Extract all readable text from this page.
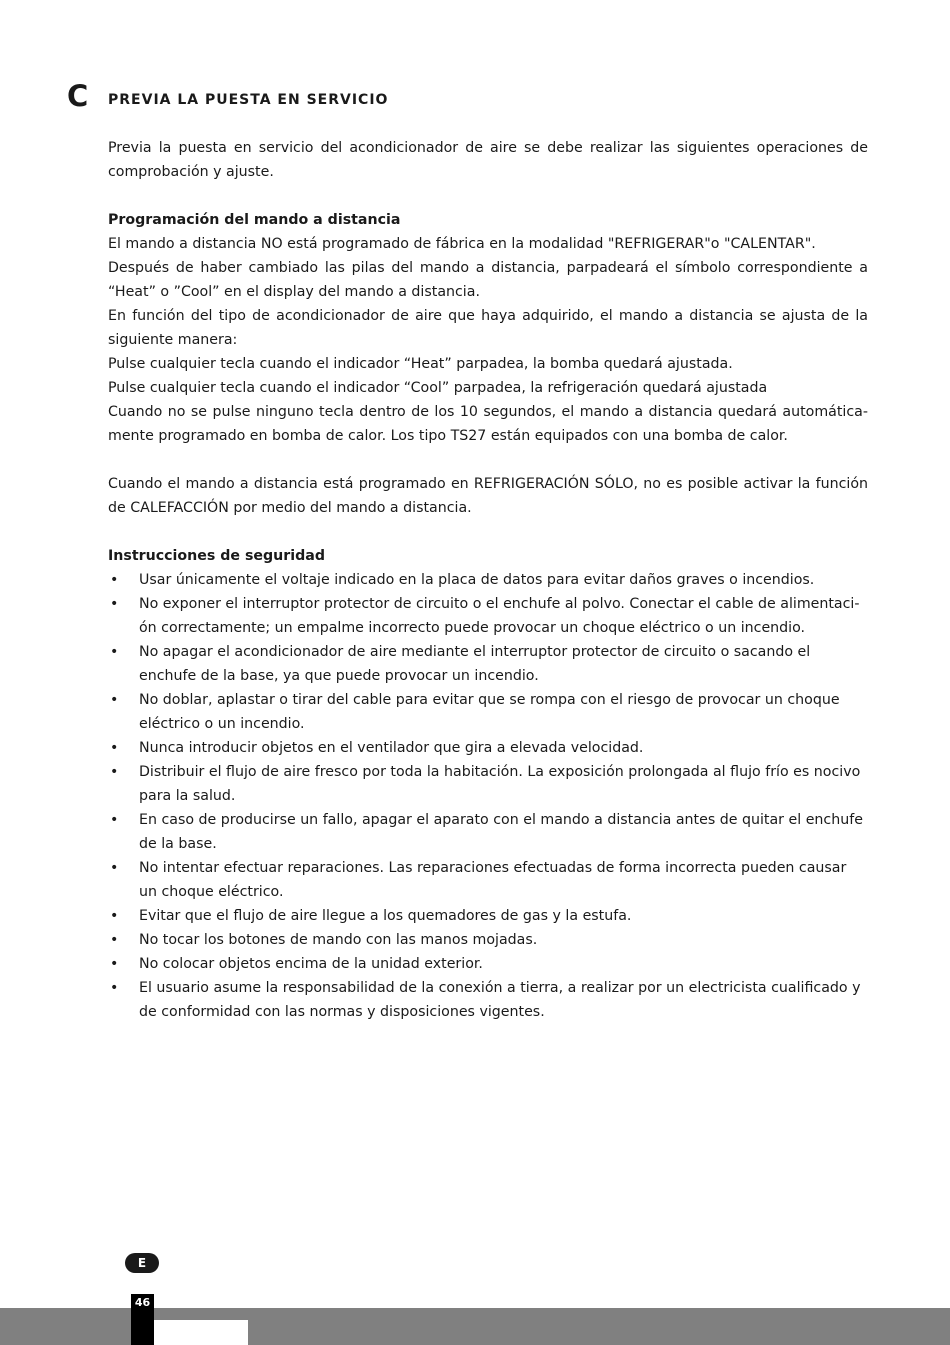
C PREVIA LA PUESTA EN SERVICIO

Previa la puesta en servicio del acondicionador de aire se debe realizar las siguientes operaciones de comprobación y ajuste.

Programación del mando a distancia

El mando a distancia NO está programado de fábrica en la modalidad "REFRIGERAR"o "CALENTAR".

Después de haber cambiado las pilas del mando a distancia, parpadeará el símbolo correspondiente a “Heat” o ”Cool” en el display del mando a distancia.

En función del tipo de acondicionador de aire que haya adquirido, el mando a distancia se ajusta de la siguiente manera:

Pulse cualquier tecla cuando el indicador “Heat” parpadea, la bomba quedará ajustada.

Pulse cualquier tecla cuando el indicador “Cool” parpadea, la refrigeración quedará ajustada

Cuando no se pulse ninguno tecla dentro de los 10 segundos, el mando a distancia quedará automáticamente programado en bomba de calor. Los tipo TS27 están equipados con una bomba de calor.

Cuando el mando a distancia está programado en REFRIGERACIÓN SÓLO, no es posible activar la función de CALEFACCIÓN por medio del mando a distancia.

Instrucciones de seguridad
• Usar únicamente el voltaje indicado en la placa de datos para evitar daños graves o incendios.
• No exponer el interruptor protector de circuito o el enchufe al polvo. Conectar el cable de alimentación correctamente; un empalme incorrecto puede provocar un choque eléctrico o un incendio.
• No apagar el acondicionador de aire mediante el interruptor protector de circuito o sacando el enchufe de la base, ya que puede provocar un incendio.
• No doblar, aplastar o tirar del cable para evitar que se rompa con el riesgo de provocar un choque eléctrico o un incendio.
• Nunca introducir objetos en el ventilador que gira a elevada velocidad.
• Distribuir el flujo de aire fresco por toda la habitación. La exposición prolongada al flujo frío es nocivo para la salud.
• En caso de producirse un fallo, apagar el aparato con el mando a distancia antes de quitar el enchufe de la base.
• No intentar efectuar reparaciones. Las reparaciones efectuadas de forma incorrecta pueden causar un choque eléctrico.
• Evitar que el flujo de aire llegue a los quemadores de gas y la estufa.
• No tocar los botones de mando con las manos mojadas.
• No colocar objetos encima de la unidad exterior.
• El usuario asume la responsabilidad de la conexión a tierra, a realizar por un electricista cualificado y de conformidad con las normas y disposiciones vigentes.
E
46
